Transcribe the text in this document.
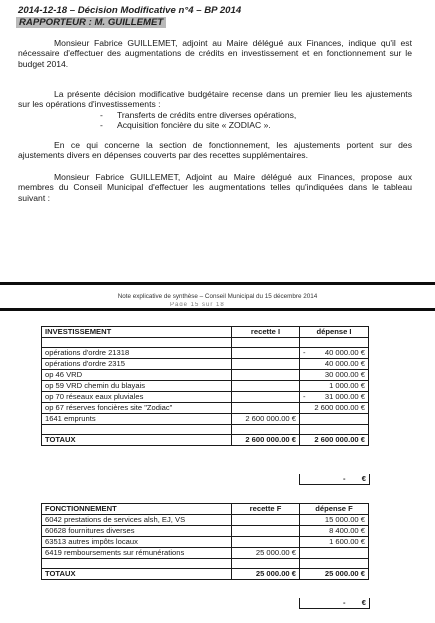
2014-12-18 – Décision Modificative n°4 – BP 2014
RAPPORTEUR : M. GUILLEMET

Monsieur Fabrice GUILLEMET, adjoint au Maire délégué aux Finances, indique qu'il est nécessaire d'effectuer des augmentations de crédits en investissement et en fonctionnement sur le budget 2014.

La présente décision modificative budgétaire recense dans un premier lieu les ajustements sur les opérations d'investissements :

- Transferts de crédits entre diverses opérations,
- Acquisition foncière du site « ZODIAC ».

En ce qui concerne la section de fonctionnement, les ajustements portent sur des ajustements divers en dépenses couverts par des recettes supplémentaires.

Monsieur Fabrice GUILLEMET, Adjoint au Maire délégué aux Finances, propose aux membres du Conseil Municipal d'effectuer les augmentations telles qu'indiquées dans le tableau suivant :

Note explicative de synthèse – Conseil Municipal du 15 décembre 2014
Page 15 sur 18
INVESTISSEMENT	recette I	dépense I

opérations d'ordre 21318		- 40 000.00 €
opérations d'ordre 2315		40 000.00 €
op 46 VRD		30 000.00 €
op 59 VRD chemin du blayais		1 000.00 €
op 70 réseaux eaux pluviales		- 31 000.00 €
op 67 réserves foncières site "Zodiac"		2 600 000.00 €
1641 emprunts	2 600 000.00 €	

TOTAUX	2 600 000.00 €	2 600 000.00 €
- €
FONCTIONNEMENT	recette F	dépense F
6042 prestations de services alsh, EJ, VS		15 000.00 €
60628 fournitures diverses		8 400.00 €
63513 autres impôts locaux		1 600.00 €
6419 remboursements sur rémunérations	25 000.00 €	

TOTAUX	25 000.00 €	25 000.00 €
- €
